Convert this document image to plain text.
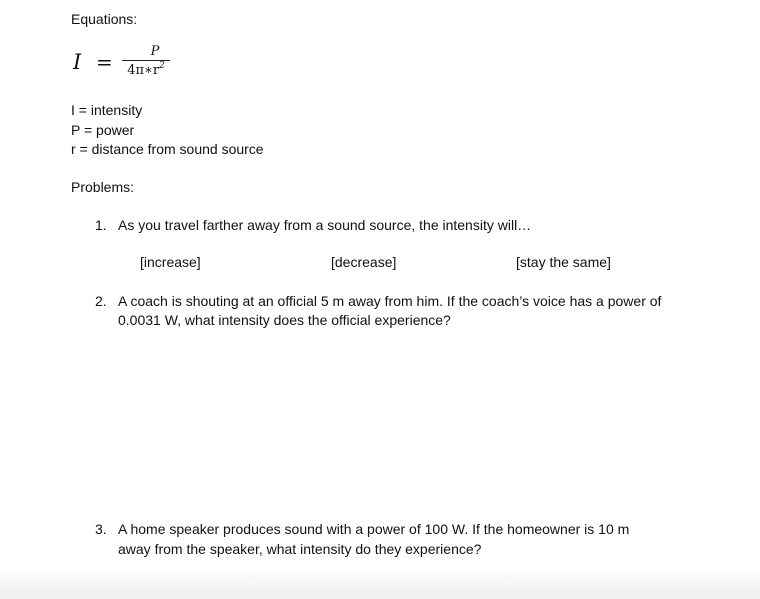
Equations:
I =	P
$4\pi∗r^2$
I = intensity
P = power
r = distance from sound source
Problems:
1. As you travel farther away from a sound source, the intensity will…
[increase]	[decrease]	[stay the same]
2. A coach is shouting at an official 5 m away from him. If the coach’s voice has a power of
0.0031 W, what intensity does the official experience?
3. A home speaker produces sound with a power of 100 W. If the homeowner is 10 m
away from the speaker, what intensity do they experience?
